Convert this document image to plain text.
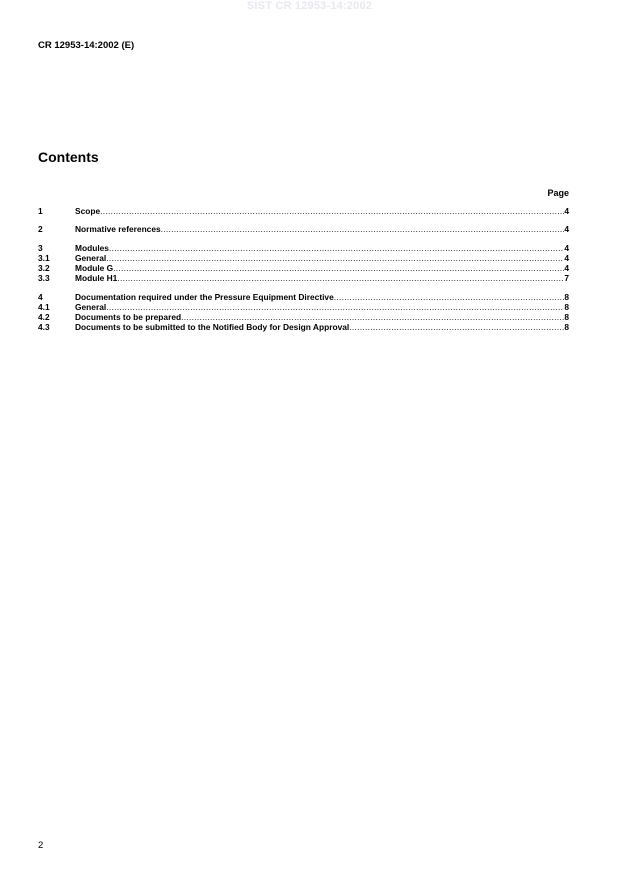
SIST CR 12953-14:2002
CR 12953-14:2002 (E)
Contents
Page
1	Scope .....	4
2	Normative references .....	4
3	Modules .....	4
3.1	General .....	4
3.2	Module G .....	4
3.3	Module H1 .....	7
4	Documentation required under the Pressure Equipment Directive .....	8
4.1	General .....	8
4.2	Documents to be prepared .....	8
4.3	Documents to be submitted to the Notified Body for Design Approval .....	8
2
